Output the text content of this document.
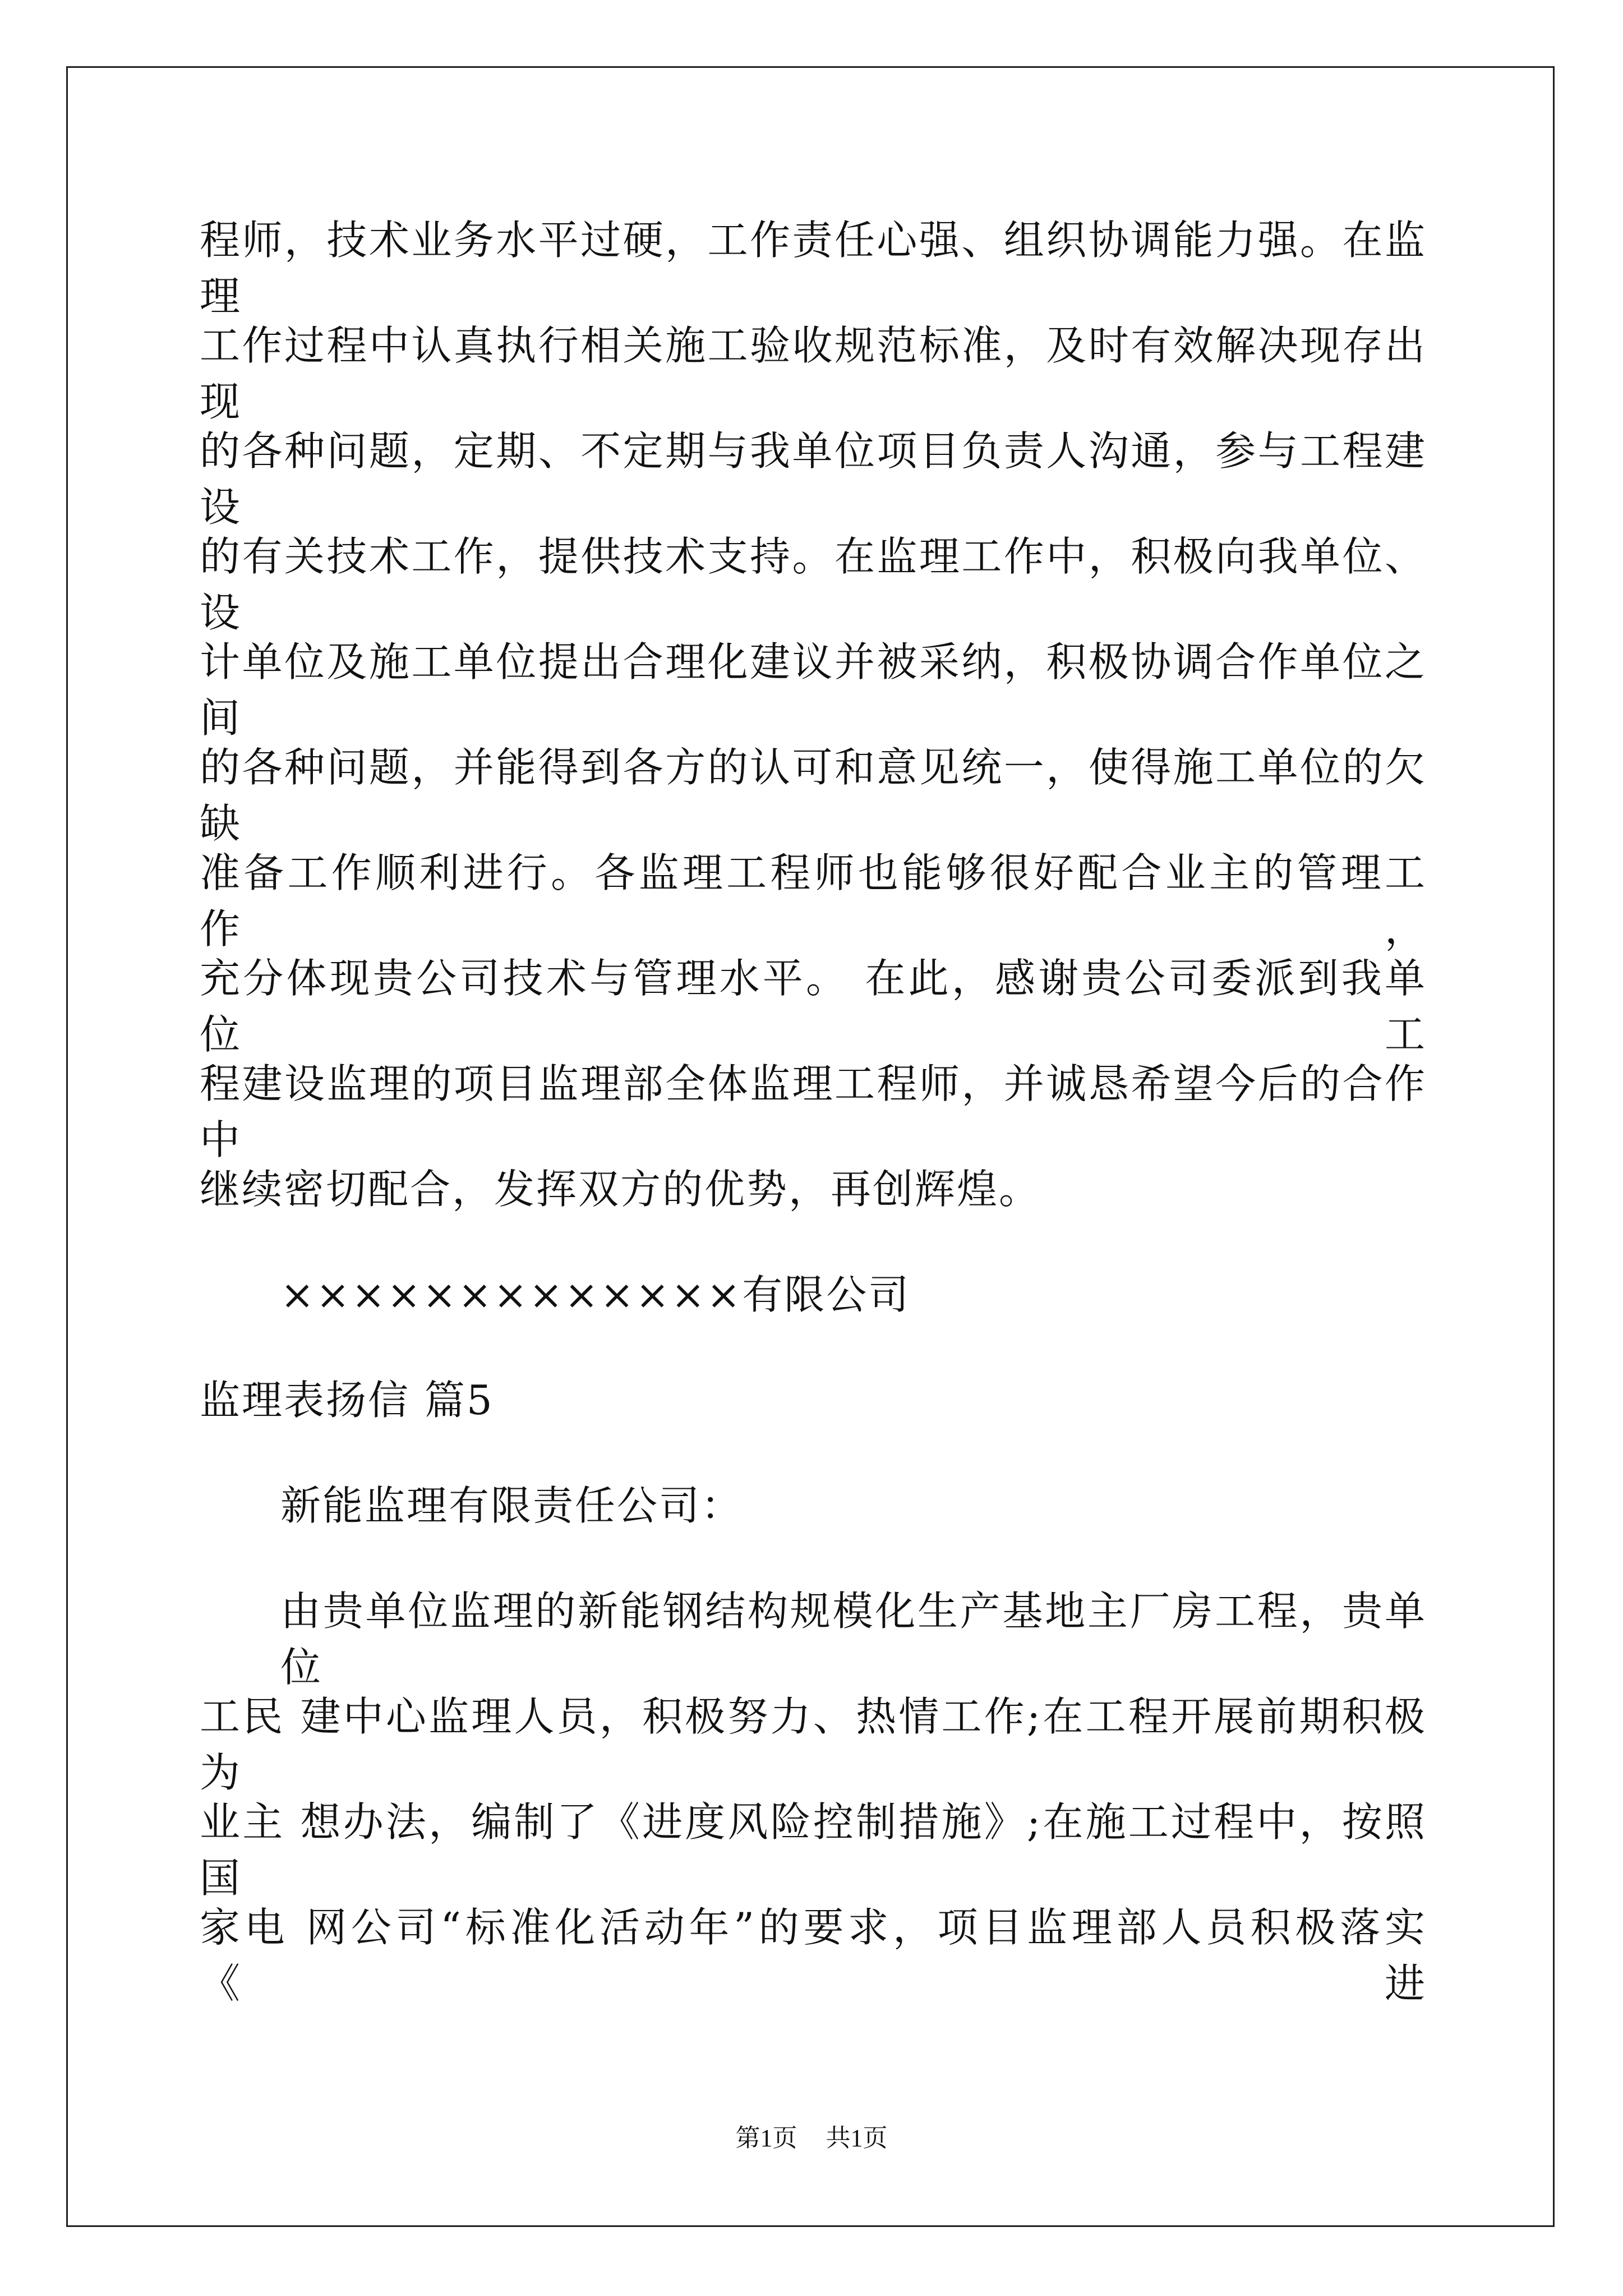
程师，技术业务水平过硬，工作责任心强、组织协调能力强。在监理
工作过程中认真执行相关施工验收规范标准，及时有效解决现存出现
的各种问题，定期、不定期与我单位项目负责人沟通，参与工程建设
的有关技术工作，提供技术支持。在监理工作中，积极向我单位、设
计单位及施工单位提出合理化建议并被采纳，积极协调合作单位之间
的各种问题，并能得到各方的认可和意见统一，使得施工单位的欠缺
准备工作顺利进行。各监理工程师也能够很好配合业主的管理工作，
充分体现贵公司技术与管理水平。 在此，感谢贵公司委派到我单位工
程建设监理的项目监理部全体监理工程师，并诚恳希望今后的合作中
继续密切配合，发挥双方的优势，再创辉煌。
×××××××××××××有限公司
监理表扬信 篇5
新能监理有限责任公司：
由贵单位监理的新能钢结构规模化生产基地主厂房工程，贵单位
工民 建中心监理人员，积极努力、热情工作;在工程开展前期积极为
业主 想办法，编制了《进度风险控制措施》;在施工过程中，按照国
家电 网公司“标准化活动年”的要求，项目监理部人员积极落实《进
第1页 共1页
